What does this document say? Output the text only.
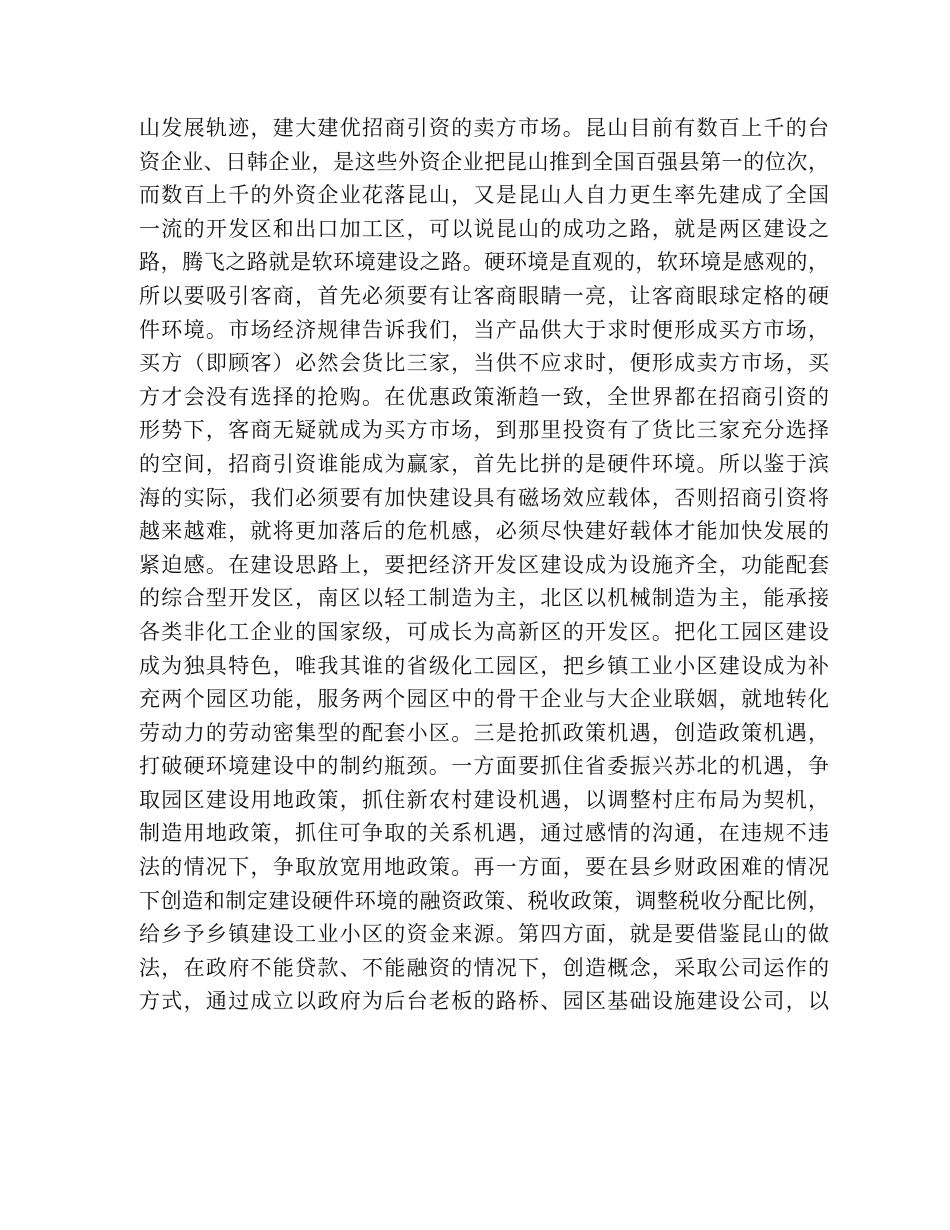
山发展轨迹，建大建优招商引资的卖方市场。昆山目前有数百上千的台
资企业、日韩企业，是这些外资企业把昆山推到全国百强县第一的位次，
而数百上千的外资企业花落昆山，又是昆山人自力更生率先建成了全国
一流的开发区和出口加工区，可以说昆山的成功之路，就是两区建设之
路，腾飞之路就是软环境建设之路。硬环境是直观的，软环境是感观的，
所以要吸引客商，首先必须要有让客商眼睛一亮，让客商眼球定格的硬
件环境。市场经济规律告诉我们，当产品供大于求时便形成买方市场，
买方（即顾客）必然会货比三家，当供不应求时，便形成卖方市场，买
方才会没有选择的抢购。在优惠政策渐趋一致，全世界都在招商引资的
形势下，客商无疑就成为买方市场，到那里投资有了货比三家充分选择
的空间，招商引资谁能成为赢家，首先比拼的是硬件环境。所以鉴于滨
海的实际，我们必须要有加快建设具有磁场效应载体，否则招商引资将
越来越难，就将更加落后的危机感，必须尽快建好载体才能加快发展的
紧迫感。在建设思路上，要把经济开发区建设成为设施齐全，功能配套
的综合型开发区，南区以轻工制造为主，北区以机械制造为主，能承接
各类非化工企业的国家级，可成长为高新区的开发区。把化工园区建设
成为独具特色，唯我其谁的省级化工园区，把乡镇工业小区建设成为补
充两个园区功能，服务两个园区中的骨干企业与大企业联姻，就地转化
劳动力的劳动密集型的配套小区。三是抢抓政策机遇，创造政策机遇，
打破硬环境建设中的制约瓶颈。一方面要抓住省委振兴苏北的机遇，争
取园区建设用地政策，抓住新农村建设机遇，以调整村庄布局为契机，
制造用地政策，抓住可争取的关系机遇，通过感情的沟通，在违规不违
法的情况下，争取放宽用地政策。再一方面，要在县乡财政困难的情况
下创造和制定建设硬件环境的融资政策、税收政策，调整税收分配比例，
给乡予乡镇建设工业小区的资金来源。第四方面，就是要借鉴昆山的做
法，在政府不能贷款、不能融资的情况下，创造概念，采取公司运作的
方式，通过成立以政府为后台老板的路桥、园区基础设施建设公司，以
